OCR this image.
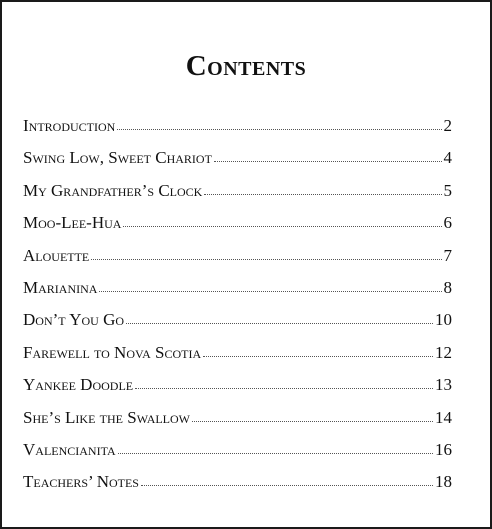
Contents
Introduction	2
Swing Low, Sweet Chariot	4
My Grandfather’s Clock	5
Moo-Lee-Hua	6
Alouette	7
Marianina	8
Don’t You Go	10
Farewell to Nova Scotia	12
Yankee Doodle	13
She’s Like the Swallow	14
Valencianita	16
Teachers’ Notes	18
